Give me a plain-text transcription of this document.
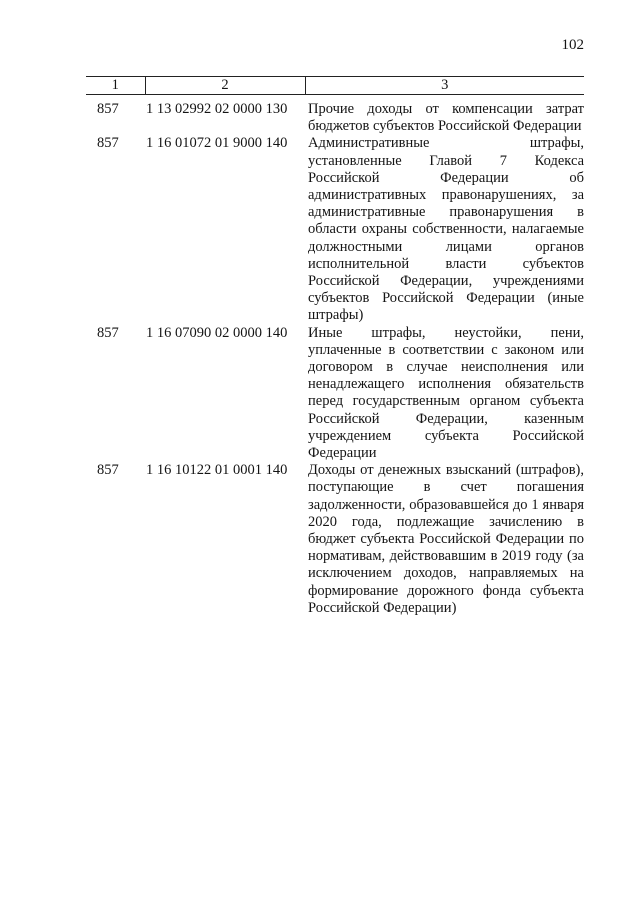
102
1	2	3
857	1 13 02992 02 0000 130	Прочие доходы от компенсации затрат бюджетов субъектов Российской Федерации
857	1 16 01072 01 9000 140	Административные штрафы, установленные Главой 7 Кодекса Российской Федерации об административных правонарушениях, за административные правонарушения в области охраны собственности, налагаемые должностными лицами органов исполнительной власти субъектов Российской Федерации, учреждениями субъектов Российской Федерации (иные штрафы)
857	1 16 07090 02 0000 140	Иные штрафы, неустойки, пени, уплаченные в соответствии с законом или договором в случае неисполнения или ненадлежащего исполнения обязательств перед государственным органом субъекта Российской Федерации, казенным учреждением субъекта Российской Федерации
857	1 16 10122 01 0001 140	Доходы от денежных взысканий (штрафов), поступающие в счет погашения задолженности, образовавшейся до 1 января 2020 года, подлежащие зачислению в бюджет субъекта Российской Федерации по нормативам, действовавшим в 2019 году (за исключением доходов, направляемых на формирование дорожного фонда субъекта Российской Федерации)
